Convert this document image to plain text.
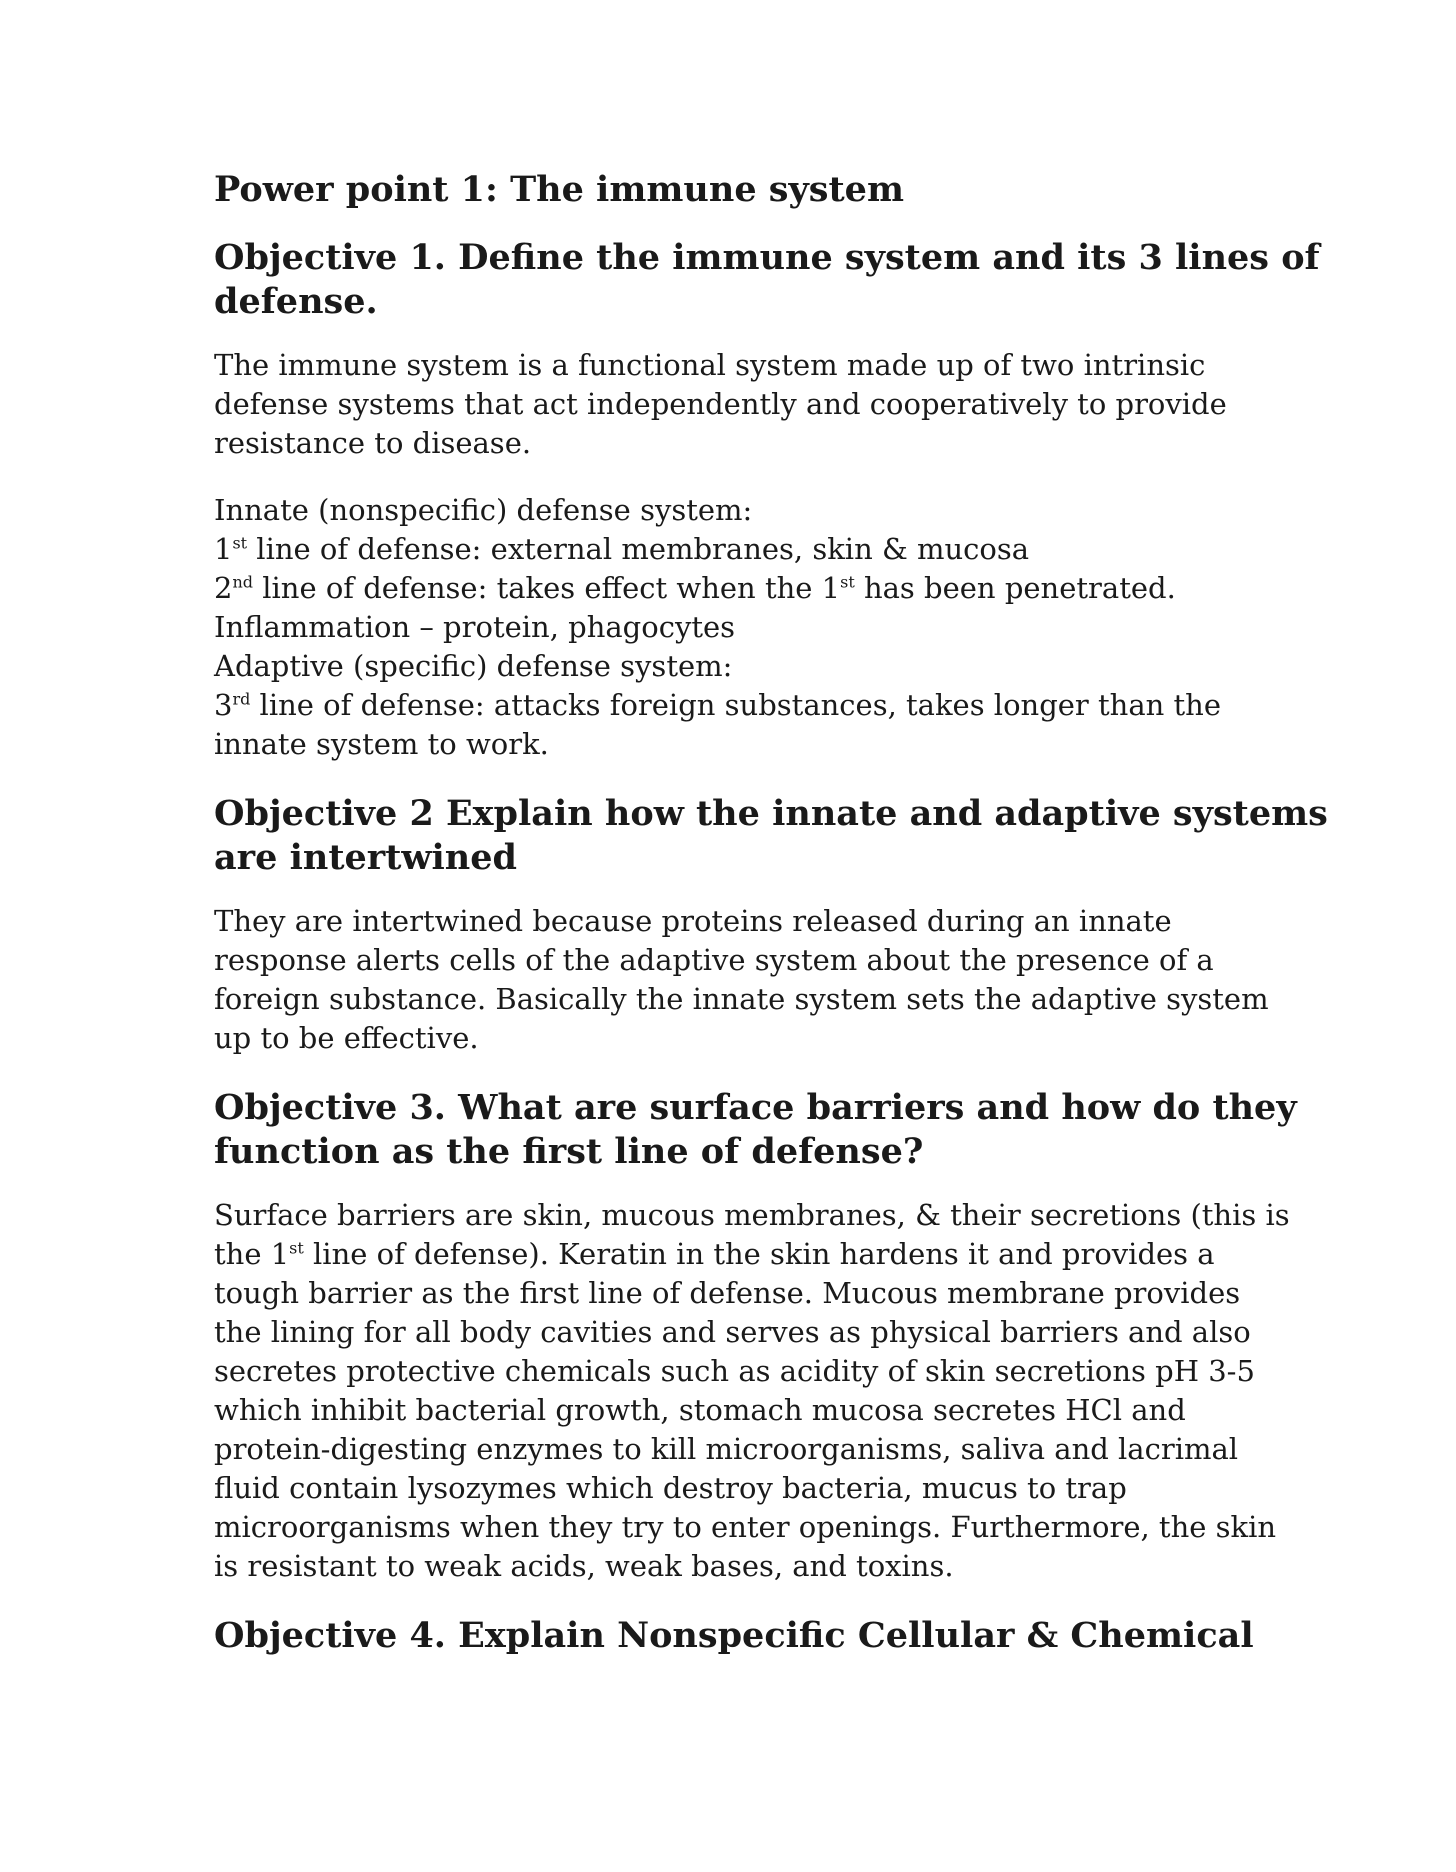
Power point 1: The immune system
Objective 1. Define the immune system and its 3 lines of
defense.
The immune system is a functional system made up of two intrinsic
defense systems that act independently and cooperatively to provide
resistance to disease.
Innate (nonspecific) defense system:
1st line of defense: external membranes, skin & mucosa
2nd line of defense: takes effect when the 1st has been penetrated.
Inflammation – protein, phagocytes
Adaptive (specific) defense system:
3rd line of defense: attacks foreign substances, takes longer than the
innate system to work.
Objective 2 Explain how the innate and adaptive systems
are intertwined
They are intertwined because proteins released during an innate
response alerts cells of the adaptive system about the presence of a
foreign substance. Basically the innate system sets the adaptive system
up to be effective.
Objective 3. What are surface barriers and how do they
function as the first line of defense?
Surface barriers are skin, mucous membranes, & their secretions (this is
the 1st line of defense). Keratin in the skin hardens it and provides a
tough barrier as the first line of defense. Mucous membrane provides
the lining for all body cavities and serves as physical barriers and also
secretes protective chemicals such as acidity of skin secretions pH 3-5
which inhibit bacterial growth, stomach mucosa secretes HCl and
protein-digesting enzymes to kill microorganisms, saliva and lacrimal
fluid contain lysozymes which destroy bacteria, mucus to trap
microorganisms when they try to enter openings. Furthermore, the skin
is resistant to weak acids, weak bases, and toxins.
Objective 4. Explain Nonspecific Cellular & Chemical
